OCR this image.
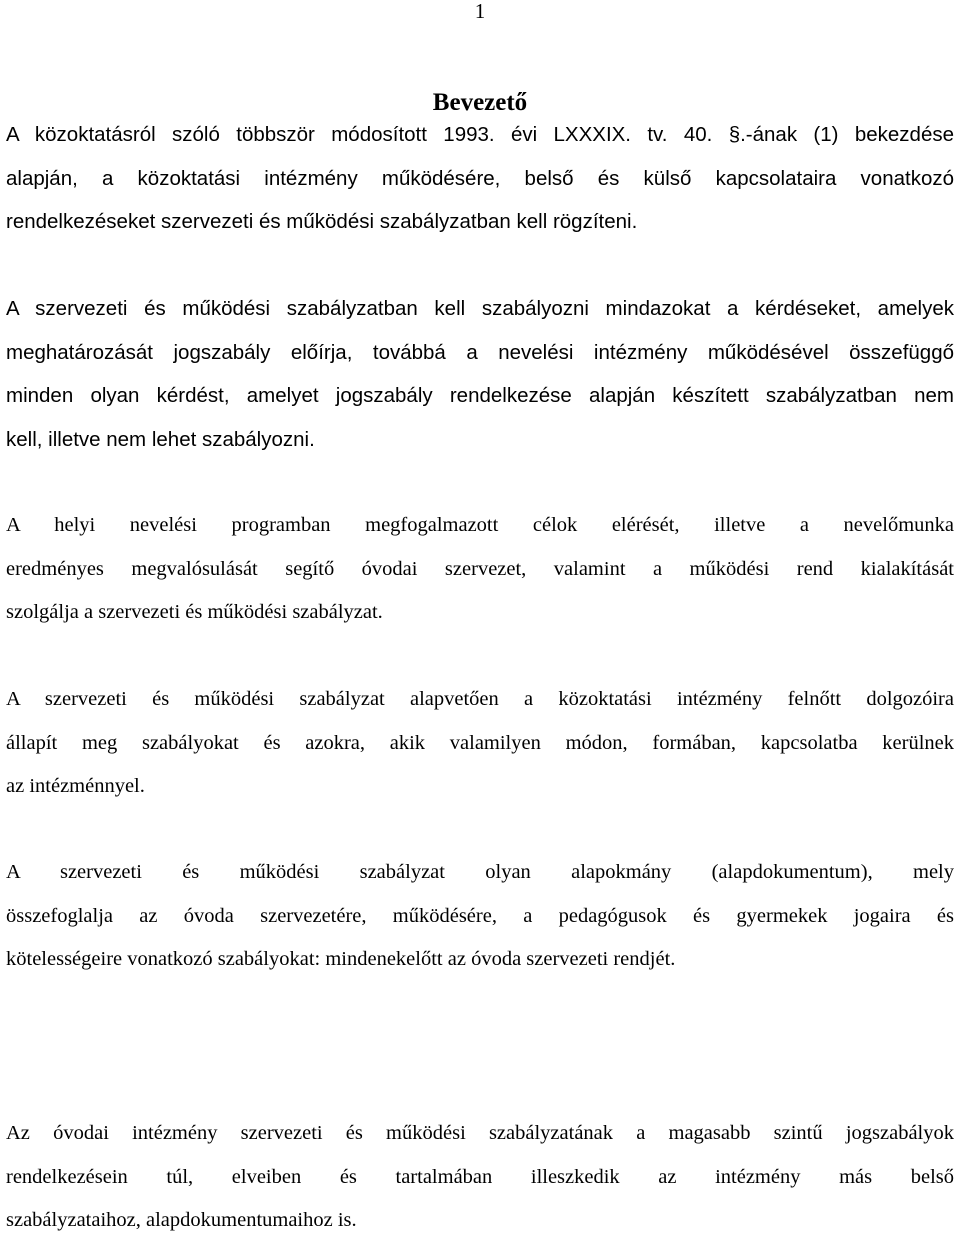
1
Bevezető
A közoktatásról szóló többször módosított 1993. évi LXXXIX. tv. 40. §.-ának (1) bekezdése
alapján, a közoktatási intézmény működésére, belső és külső kapcsolataira vonatkozó
rendelkezéseket szervezeti és működési szabályzatban kell rögzíteni.
A szervezeti és működési szabályzatban kell szabályozni mindazokat a kérdéseket, amelyek
meghatározását jogszabály előírja, továbbá a nevelési intézmény működésével összefüggő
minden olyan kérdést, amelyet jogszabály rendelkezése alapján készített szabályzatban nem
kell, illetve nem lehet szabályozni.
A helyi nevelési programban megfogalmazott célok elérését, illetve a nevelőmunka
eredményes megvalósulását segítő óvodai szervezet, valamint a működési rend kialakítását
szolgálja a szervezeti és működési szabályzat.
A szervezeti és működési szabályzat alapvetően a közoktatási intézmény felnőtt dolgozóira
állapít meg szabályokat és azokra, akik valamilyen módon, formában, kapcsolatba kerülnek
az intézménnyel.
A szervezeti és működési szabályzat olyan alapokmány (alapdokumentum), mely
összefoglalja az óvoda szervezetére, működésére, a pedagógusok és gyermekek jogaira és
kötelességeire vonatkozó szabályokat: mindenekelőtt az óvoda szervezeti rendjét.
Az óvodai intézmény szervezeti és működési szabályzatának a magasabb szintű jogszabályok
rendelkezésein túl, elveiben és tartalmában illeszkedik az intézmény más belső
szabályzataihoz, alapdokumentumaihoz is.
